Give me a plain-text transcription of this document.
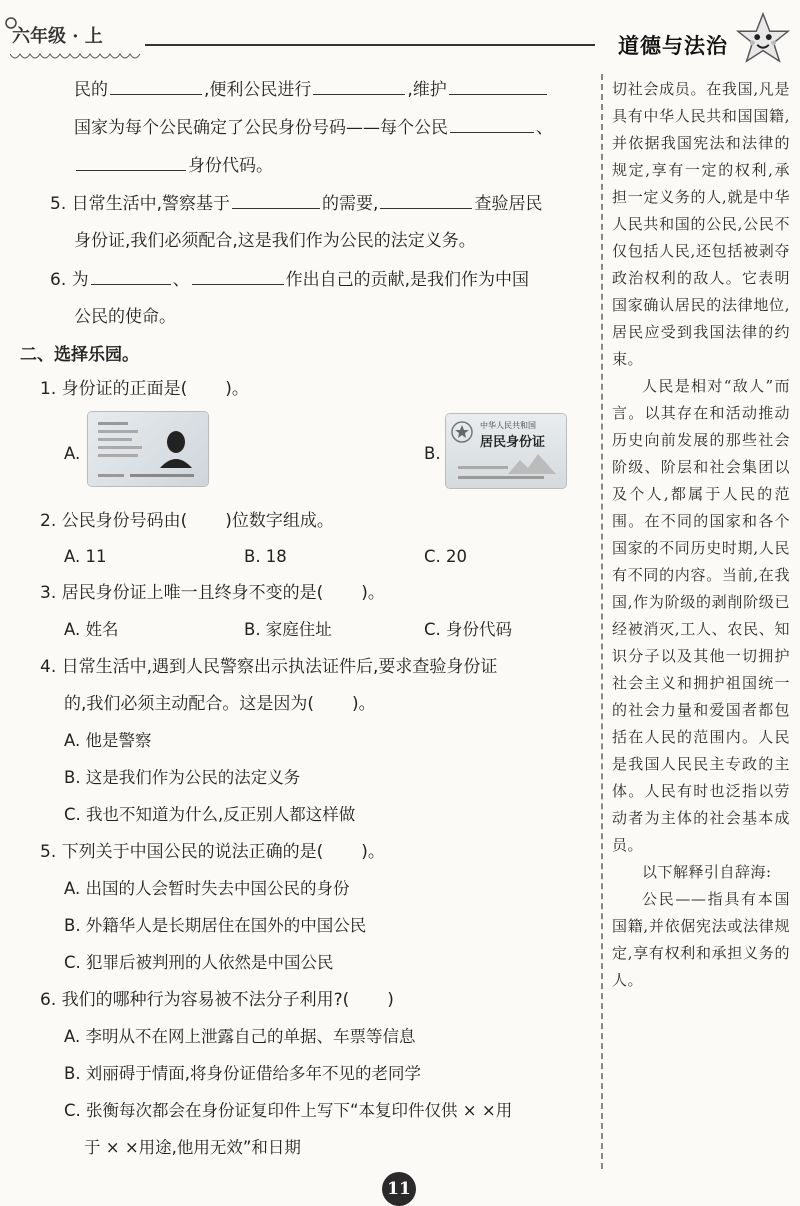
六年级 · 上	道德与法治
民的	,便利公民进行	,维护
国家为每个公民确定了公民身份号码——每个公民	、
身份代码。
5. 日常生活中,警察基于	的需要,	查验居民
身份证,我们必须配合,这是我们作为公民的法定义务。
6. 为	、	作出自己的贡献,是我们作为中国
公民的使命。
二、选择乐园。
1. 身份证的正面是( )。
A.	B.
中华人民共和国
居民身份证
2. 公民身份号码由( )位数字组成。
A. 11	B. 18	C. 20
3. 居民身份证上唯一且终身不变的是( )。
A. 姓名	B. 家庭住址	C. 身份代码
4. 日常生活中,遇到人民警察出示执法证件后,要求查验身份证
的,我们必须主动配合。这是因为( )。
A. 他是警察
B. 这是我们作为公民的法定义务
C. 我也不知道为什么,反正别人都这样做
5. 下列关于中国公民的说法正确的是( )。
A. 出国的人会暂时失去中国公民的身份
B. 外籍华人是长期居住在国外的中国公民
C. 犯罪后被判刑的人依然是中国公民
6. 我们的哪种行为容易被不法分子利用?( )
A. 李明从不在网上泄露自己的单据、车票等信息
B. 刘丽碍于情面,将身份证借给多年不见的老同学
C. 张衡每次都会在身份证复印件上写下“本复印件仅供 × ×用
于 × ×用途,他用无效”和日期

切社会成员。在我国,凡是具有中华人民共和国国籍,并依据我国宪法和法律的规定,享有一定的权利,承担一定义务的人,就是中华人民共和国的公民,公民不仅包括人民,还包括被剥夺政治权利的敌人。它表明国家确认居民的法律地位,居民应受到我国法律的约束。

人民是相对“敌人”而言。以其存在和活动推动历史向前发展的那些社会阶级、阶层和社会集团以及个人,都属于人民的范围。在不同的国家和各个国家的不同历史时期,人民有不同的内容。当前,在我国,作为阶级的剥削阶级已经被消灭,工人、农民、知识分子以及其他一切拥护社会主义和拥护祖国统一的社会力量和爱国者都包括在人民的范围内。人民是我国人民民主专政的主体。人民有时也泛指以劳动者为主体的社会基本成员。

以下解释引自辞海:

公民——指具有本国国籍,并依倨宪法或法律规定,享有权利和承担义务的人。

11
